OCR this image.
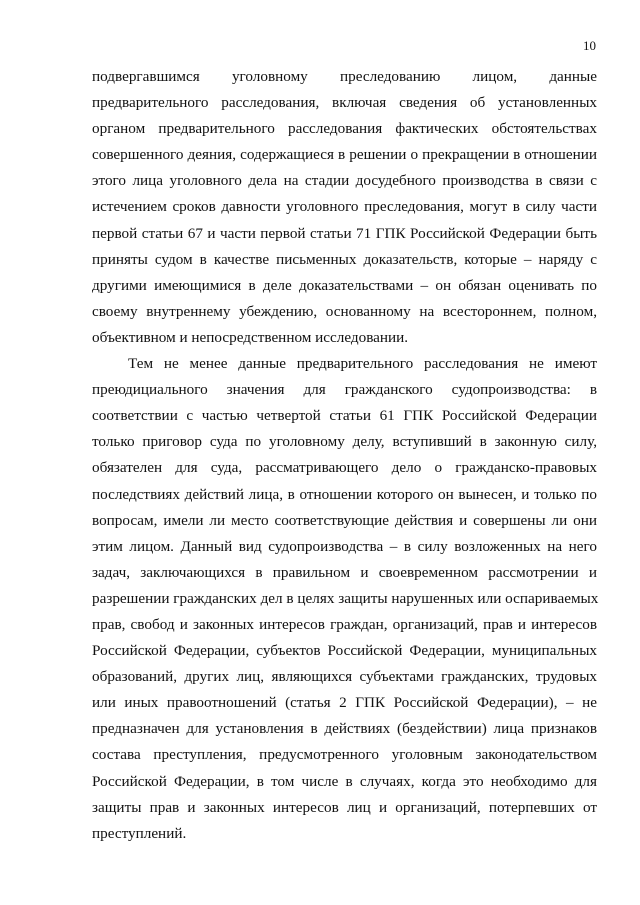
10
подвергавшимся уголовному преследованию лицом, данные
предварительного расследования, включая сведения об установленных
органом предварительного расследования фактических обстоятельствах
совершенного деяния, содержащиеся в решении о прекращении в отношении
этого лица уголовного дела на стадии досудебного производства в связи с
истечением сроков давности уголовного преследования, могут в силу части
первой статьи 67 и части первой статьи 71 ГПК Российской Федерации быть
приняты судом в качестве письменных доказательств, которые – наряду с
другими имеющимися в деле доказательствами – он обязан оценивать по
своему внутреннему убеждению, основанному на всестороннем, полном,
объективном и непосредственном исследовании.
Тем не менее данные предварительного расследования не имеют
преюдициального значения для гражданского судопроизводства: в
соответствии с частью четвертой статьи 61 ГПК Российской Федерации
только приговор суда по уголовному делу, вступивший в законную силу,
обязателен для суда, рассматривающего дело о гражданско-правовых
последствиях действий лица, в отношении которого он вынесен, и только по
вопросам, имели ли место соответствующие действия и совершены ли они
этим лицом. Данный вид судопроизводства – в силу возложенных на него
задач, заключающихся в правильном и своевременном рассмотрении и
разрешении гражданских дел в целях защиты нарушенных или оспариваемых
прав, свобод и законных интересов граждан, организаций, прав и интересов
Российской Федерации, субъектов Российской Федерации, муниципальных
образований, других лиц, являющихся субъектами гражданских, трудовых
или иных правоотношений (статья 2 ГПК Российской Федерации), – не
предназначен для установления в действиях (бездействии) лица признаков
состава преступления, предусмотренного уголовным законодательством
Российской Федерации, в том числе в случаях, когда это необходимо для
защиты прав и законных интересов лиц и организаций, потерпевших от
преступлений.
